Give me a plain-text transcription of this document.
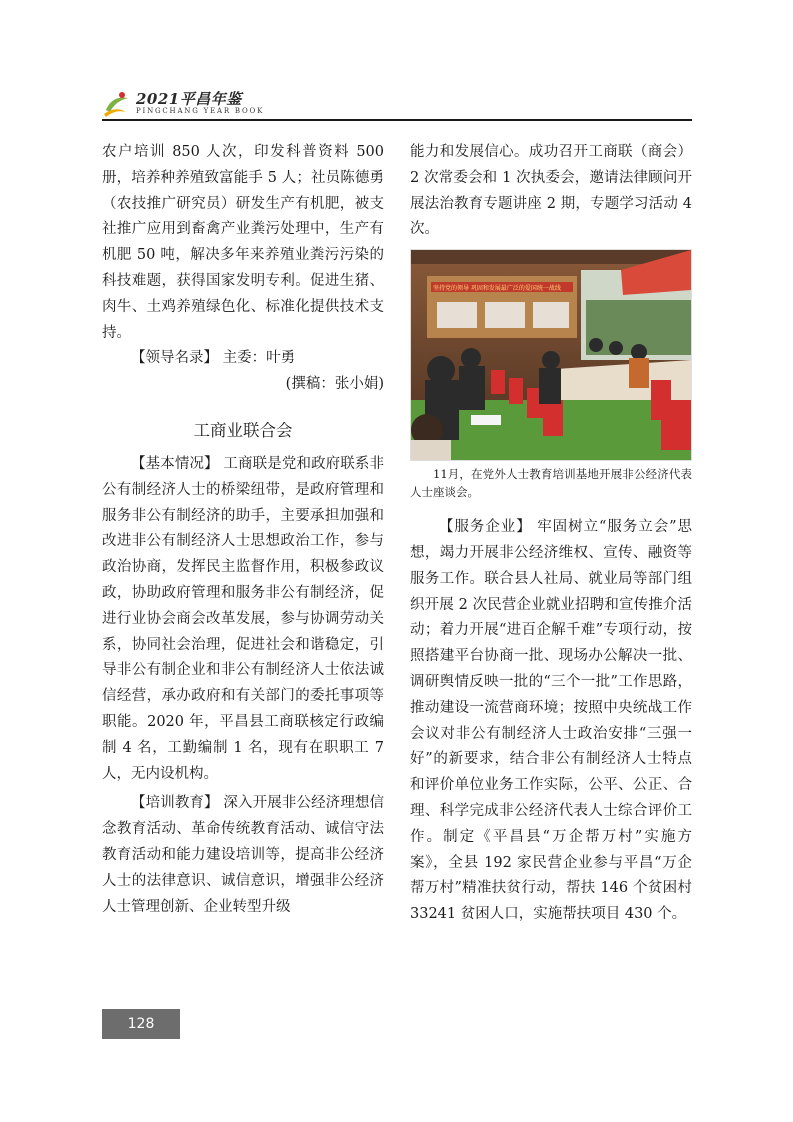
2021平昌年鉴
PINGCHANG YEAR BOOK

农户培训 850 人次，印发科普资料 500 册，培养种养殖致富能手 5 人；社员陈德勇（农技推广研究员）研发生产有机肥，被支社推广应用到畜禽产业粪污处理中，生产有机肥 50 吨，解决多年来养殖业粪污污染的科技难题，获得国家发明专利。促进生猪、肉牛、土鸡养殖绿色化、标准化提供技术支持。

【领导名录】 主委：叶勇

(撰稿：张小娟)

工商业联合会

【基本情况】 工商联是党和政府联系非公有制经济人士的桥梁纽带，是政府管理和服务非公有制经济的助手，主要承担加强和改进非公有制经济人士思想政治工作，参与政治协商，发挥民主监督作用，积极参政议政，协助政府管理和服务非公有制经济，促进行业协会商会改革发展，参与协调劳动关系，协同社会治理，促进社会和谐稳定，引导非公有制企业和非公有制经济人士依法诚信经营，承办政府和有关部门的委托事项等职能。2020 年，平昌县工商联核定行政编制 4 名，工勤编制 1 名，现有在职职工 7 人，无内设机构。

【培训教育】 深入开展非公经济理想信念教育活动、革命传统教育活动、诚信守法教育活动和能力建设培训等，提高非公经济人士的法律意识、诚信意识，增强非公经济人士管理创新、企业转型升级

能力和发展信心。成功召开工商联（商会）2 次常委会和 1 次执委会，邀请法律顾问开展法治教育专题讲座 2 期，专题学习活动 4 次。

坚持党的领导 巩固和发展最广泛的爱国统一战线
11月，在党外人士教育培训基地开展非公经济代表人士座谈会。

【服务企业】 牢固树立“服务立会”思想，竭力开展非公经济维权、宣传、融资等服务工作。联合县人社局、就业局等部门组织开展 2 次民营企业就业招聘和宣传推介活动；着力开展“进百企解千难”专项行动，按照搭建平台协商一批、现场办公解决一批、调研舆情反映一批的“三个一批”工作思路，推动建设一流营商环境；按照中央统战工作会议对非公有制经济人士政治安排“三强一好”的新要求，结合非公有制经济人士特点和评价单位业务工作实际，公平、公正、合理、科学完成非公经济代表人士综合评价工作。制定《平昌县“万企帮万村”实施方案》，全县 192 家民营企业参与平昌“万企帮万村”精准扶贫行动，帮扶 146 个贫困村 33241 贫困人口，实施帮扶项目 430 个。

128
